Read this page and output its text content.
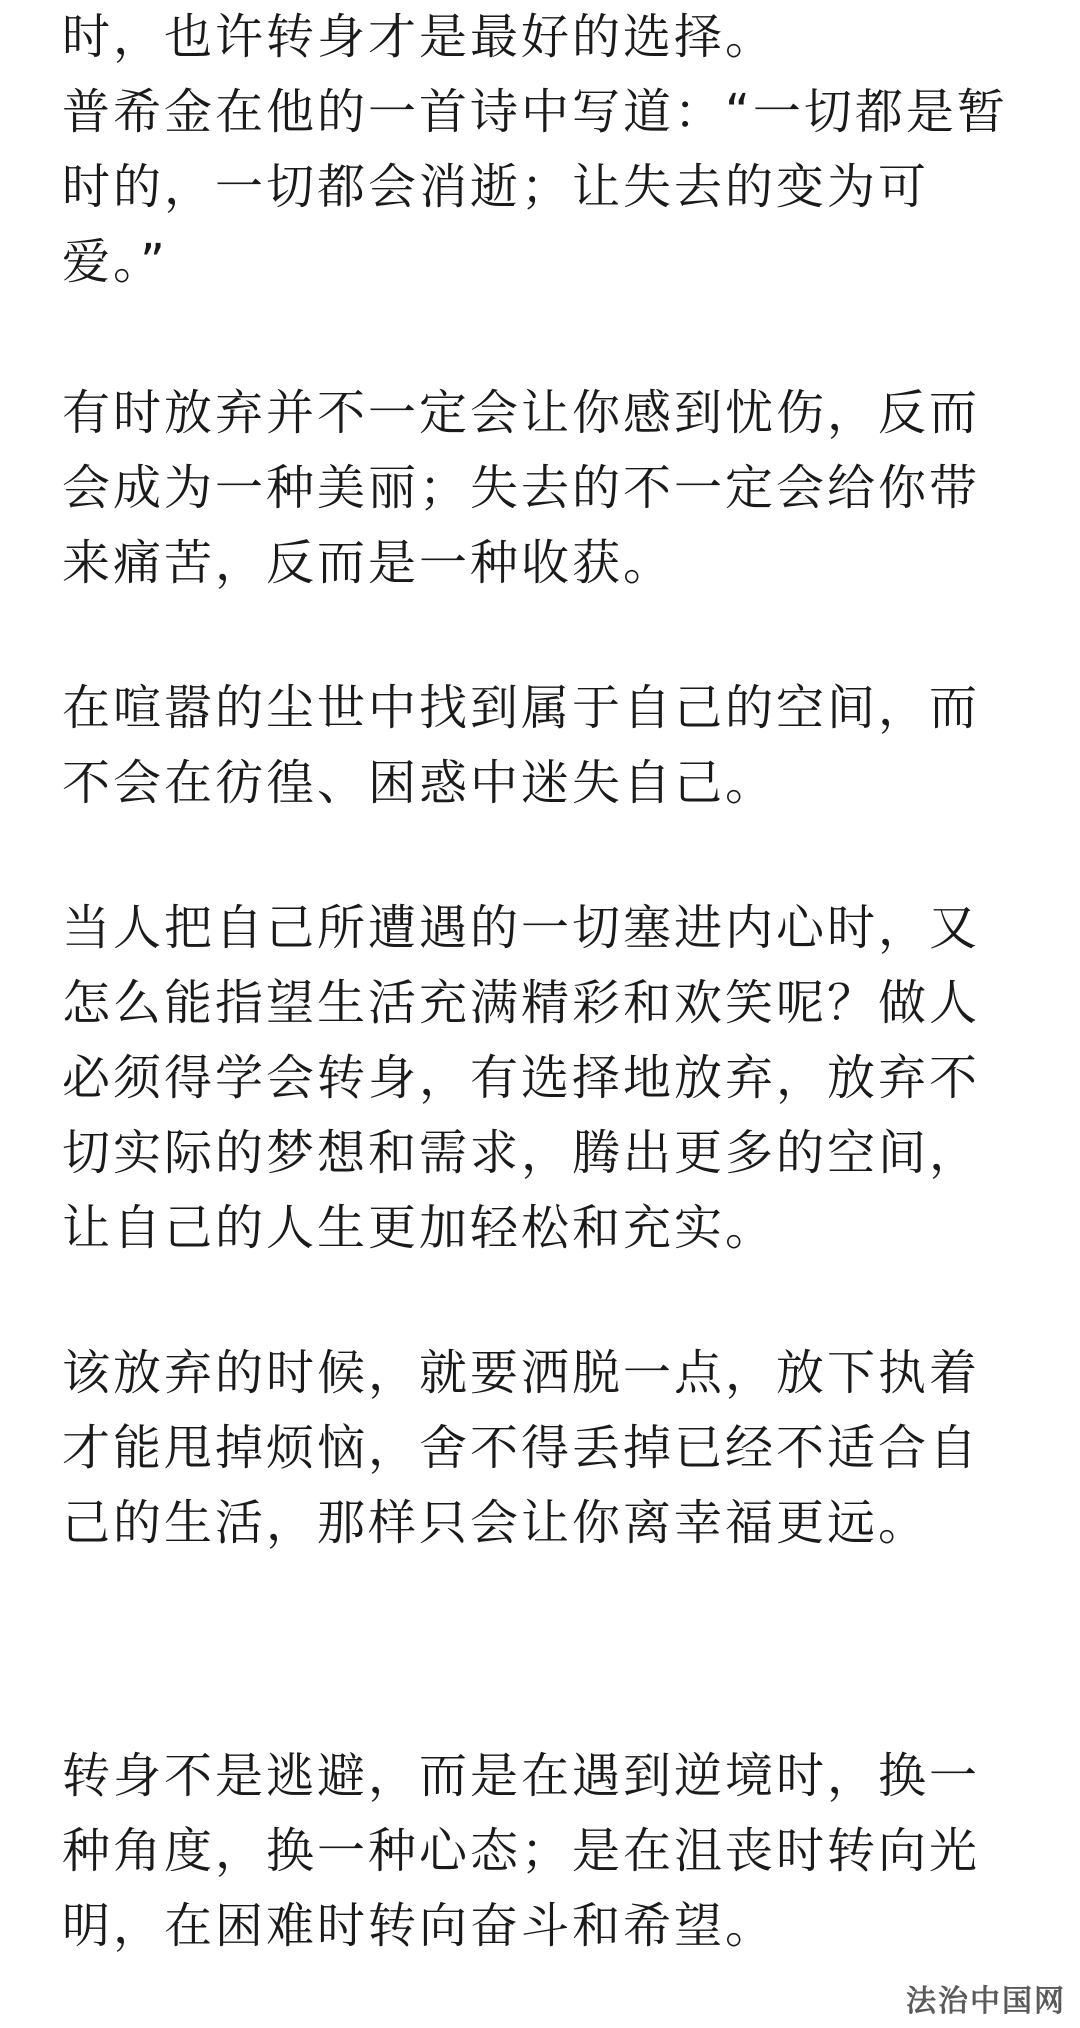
时，也许转身才是最好的选择。
普希金在他的一首诗中写道：“一切都是暂
时的，一切都会消逝；让失去的变为可
爱。”
有时放弃并不一定会让你感到忧伤，反而
会成为一种美丽；失去的不一定会给你带
来痛苦，反而是一种收获。
在喧嚣的尘世中找到属于自己的空间，而
不会在彷徨、困惑中迷失自己。
当人把自己所遭遇的一切塞进内心时，又
怎么能指望生活充满精彩和欢笑呢？做人
必须得学会转身，有选择地放弃，放弃不
切实际的梦想和需求，腾出更多的空间，
让自己的人生更加轻松和充实。
该放弃的时候，就要洒脱一点，放下执着
才能甩掉烦恼，舍不得丢掉已经不适合自
己的生活，那样只会让你离幸福更远。
转身不是逃避，而是在遇到逆境时，换一
种角度，换一种心态；是在沮丧时转向光
明，在困难时转向奋斗和希望。
法治中国网
